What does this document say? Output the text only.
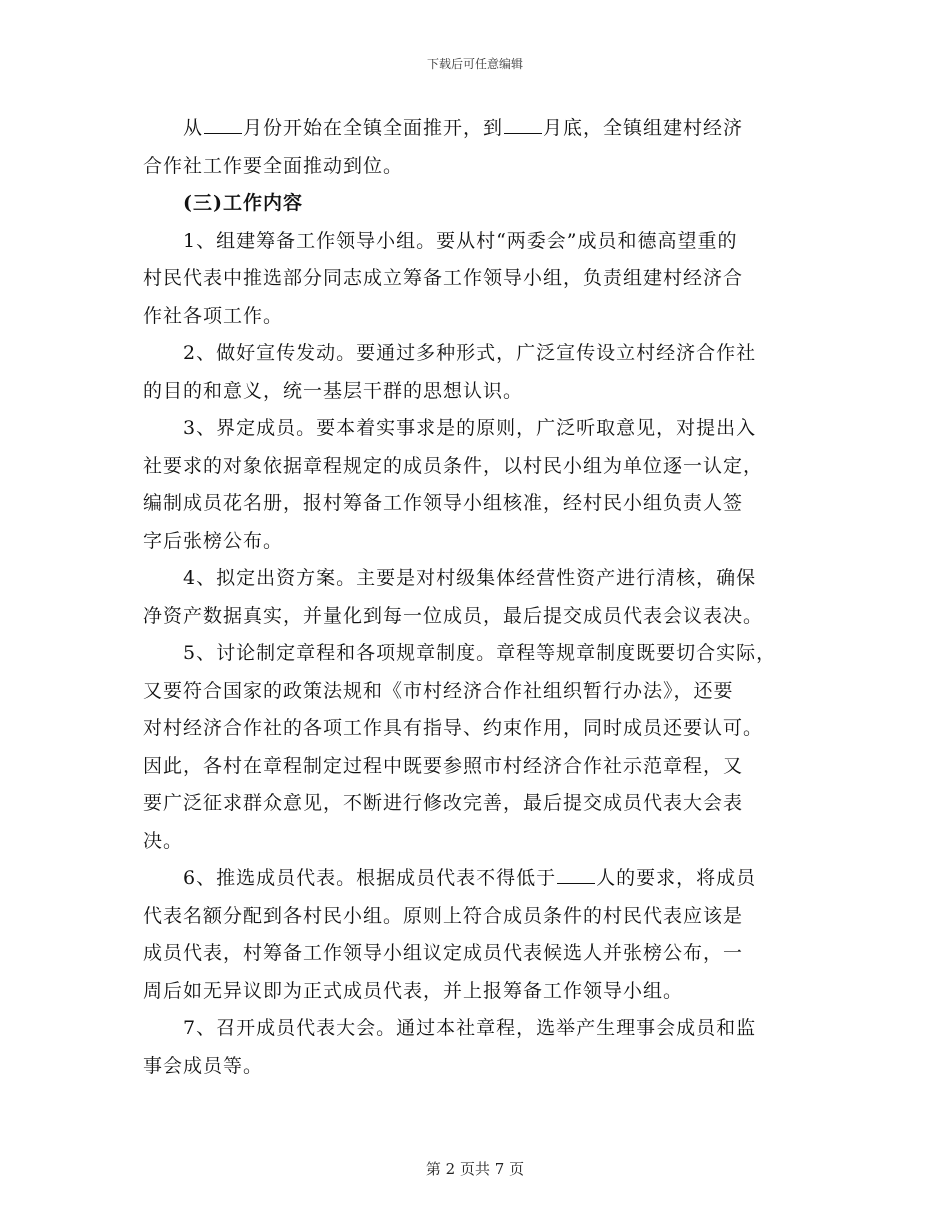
下载后可任意编辑

从 月份开始在全镇全面推开，到 月底，全镇组建村经济
合作社工作要全面推动到位。

(三)工作内容

1、组建筹备工作领导小组。要从村“两委会”成员和德高望重的
村民代表中推选部分同志成立筹备工作领导小组，负责组建村经济合
作社各项工作。

2、做好宣传发动。要通过多种形式，广泛宣传设立村经济合作社
的目的和意义，统一基层干群的思想认识。

3、界定成员。要本着实事求是的原则，广泛听取意见，对提出入
社要求的对象依据章程规定的成员条件，以村民小组为单位逐一认定，
编制成员花名册，报村筹备工作领导小组核准，经村民小组负责人签
字后张榜公布。

4、拟定出资方案。主要是对村级集体经营性资产进行清核，确保
净资产数据真实，并量化到每一位成员，最后提交成员代表会议表决。

5、讨论制定章程和各项规章制度。章程等规章制度既要切合实际，
又要符合国家的政策法规和《市村经济合作社组织暂行办法》，还要
对村经济合作社的各项工作具有指导、约束作用，同时成员还要认可。
因此，各村在章程制定过程中既要参照市村经济合作社示范章程，又
要广泛征求群众意见，不断进行修改完善，最后提交成员代表大会表
决。

6、推选成员代表。根据成员代表不得低于 人的要求，将成员
代表名额分配到各村民小组。原则上符合成员条件的村民代表应该是
成员代表，村筹备工作领导小组议定成员代表候选人并张榜公布，一
周后如无异议即为正式成员代表，并上报筹备工作领导小组。

7、召开成员代表大会。通过本社章程，选举产生理事会成员和监
事会成员等。

第 2 页共 7 页
